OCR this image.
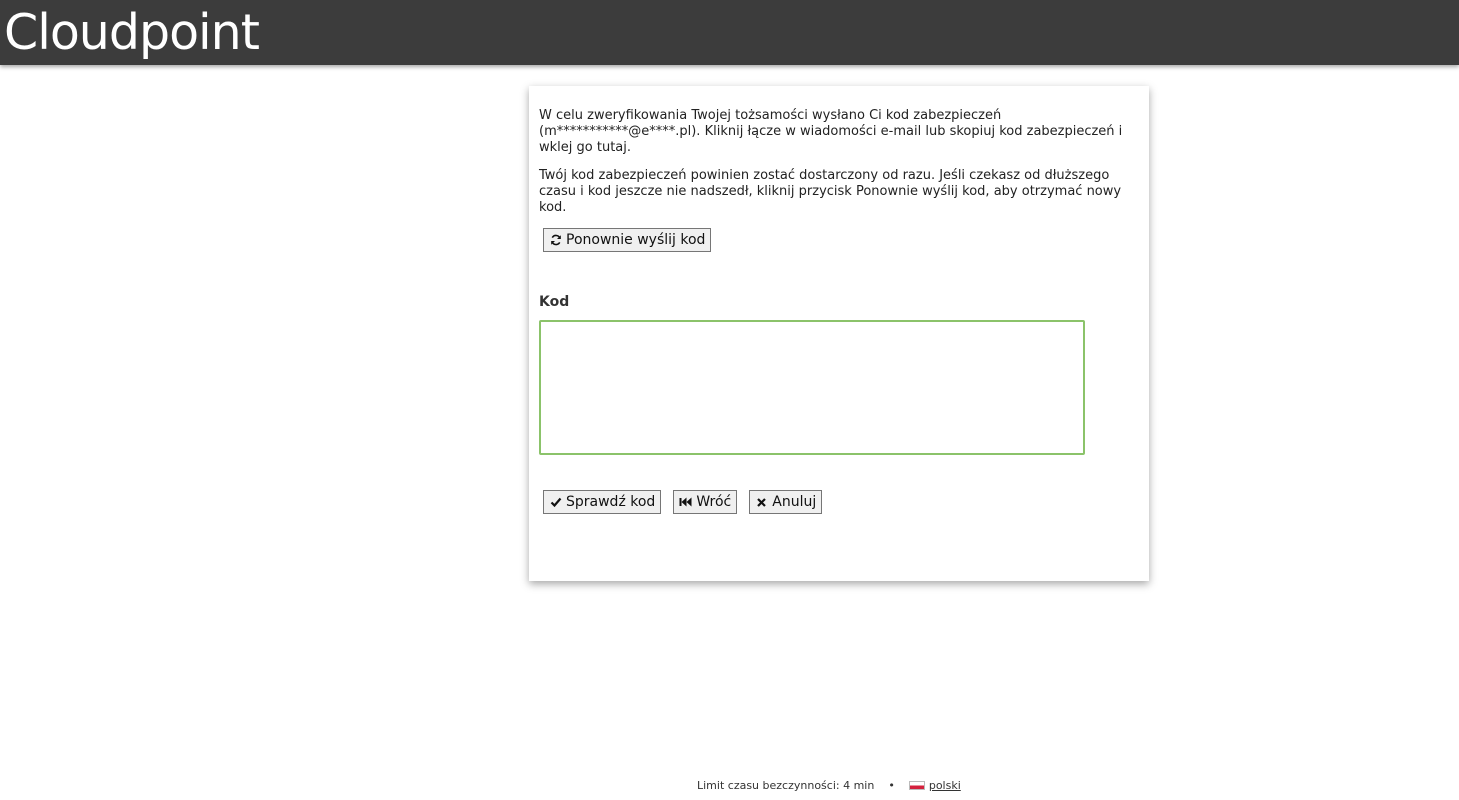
Cloudpoint

W celu zweryfikowania Twojej tożsamości wysłano Ci kod zabezpieczeń (m***********@e****.pl). Kliknij łącze w wiadomości e-mail lub skopiuj kod zabezpieczeń i wklej go tutaj.

Twój kod zabezpieczeń powinien zostać dostarczony od razu. Jeśli czekasz od dłuższego czasu i kod jeszcze nie nadszedł, kliknij przycisk Ponownie wyślij kod, aby otrzymać nowy kod.

Ponownie wyślij kod
Kod
Sprawdź kod	Wróć	Anuluj
Limit czasu bezczynności: 4 min •	polski
